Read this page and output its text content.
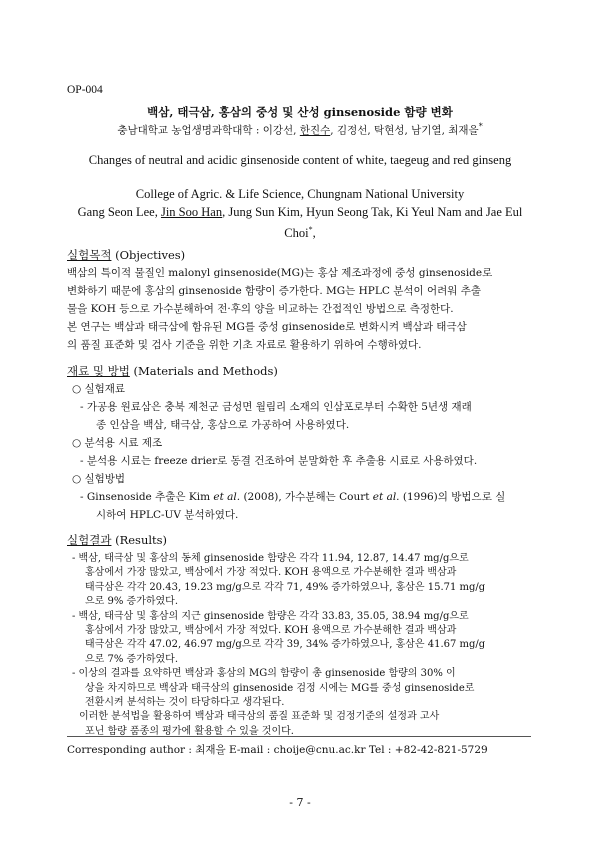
OP-004
백삼, 태극삼, 홍삼의 중성 및 산성 ginsenoside 함량 변화
충남대학교 농업생명과학대학 : 이강선, 한진수, 김정선, 탁현성, 남기열, 최재을*
Changes of neutral and acidic ginsenoside content of white, taegeug and red ginseng
College of Agric. & Life Science, Chungnam National University
Gang Seon Lee, Jin Soo Han, Jung Sun Kim, Hyun Seong Tak, Ki Yeul Nam and Jae Eul Choi*,
실험목적 (Objectives)
백삼의 특이적 물질인 malonyl ginsenoside(MG)는 홍삼 제조과정에 중성 ginsenoside로
변화하기 때문에 홍삼의 ginsenoside 함량이 증가한다. MG는 HPLC 분석이 어려워 추출
물을 KOH 등으로 가수분해하여 전·후의 양을 비교하는 간접적인 방법으로 측정한다.
본 연구는 백삼과 태극삼에 함유된 MG를 중성 ginsenoside로 변화시켜 백삼과 태극삼
의 품질 표준화 및 검사 기준을 위한 기초 자료로 활용하기 위하여 수행하였다.
재료 및 방법 (Materials and Methods)
○ 실험재료
- 가공용 원료삼은 충북 제천군 금성면 월림리 소재의 인삼포로부터 수확한 5년생 재래
종 인삼을 백삼, 태극삼, 홍삼으로 가공하여 사용하였다.
○ 분석용 시료 제조
- 분석용 시료는 freeze drier로 동결 건조하여 분말화한 후 추출용 시료로 사용하였다.
○ 실험방법
- Ginsenoside 추출은 Kim et al. (2008), 가수분해는 Court et al. (1996)의 방법으로 실
시하여 HPLC-UV 분석하였다.
실험결과 (Results)
- 백삼, 태극삼 및 홍삼의 동체 ginsenoside 함량은 각각 11.94, 12.87, 14.47 mg/g으로
홍삼에서 가장 많았고, 백삼에서 가장 적었다. KOH 용액으로 가수분해한 결과 백삼과
태극삼은 각각 20.43, 19.23 mg/g으로 각각 71, 49% 증가하였으나, 홍삼은 15.71 mg/g
으로 9% 증가하였다.
- 백삼, 태극삼 및 홍삼의 지근 ginsenoside 함량은 각각 33.83, 35.05, 38.94 mg/g으로
홍삼에서 가장 많았고, 백삼에서 가장 적었다. KOH 용액으로 가수분해한 결과 백삼과
태극삼은 각각 47.02, 46.97 mg/g으로 각각 39, 34% 증가하였으나, 홍삼은 41.67 mg/g
으로 7% 증가하였다.
- 이상의 결과를 요약하면 백삼과 홍삼의 MG의 함량이 총 ginsenoside 함량의 30% 이
상을 차지하므로 백삼과 태극삼의 ginsenoside 검정 시에는 MG를 중성 ginsenoside로
전환시켜 분석하는 것이 타당하다고 생각된다.
이러한 분석법을 활용하여 백삼과 태극삼의 품질 표준화 및 검정기준의 설정과 고사
포닌 함량 품종의 평가에 활용할 수 있을 것이다.
Corresponding author : 최재을 E-mail : choije@cnu.ac.kr Tel : +82-42-821-5729
- 7 -
